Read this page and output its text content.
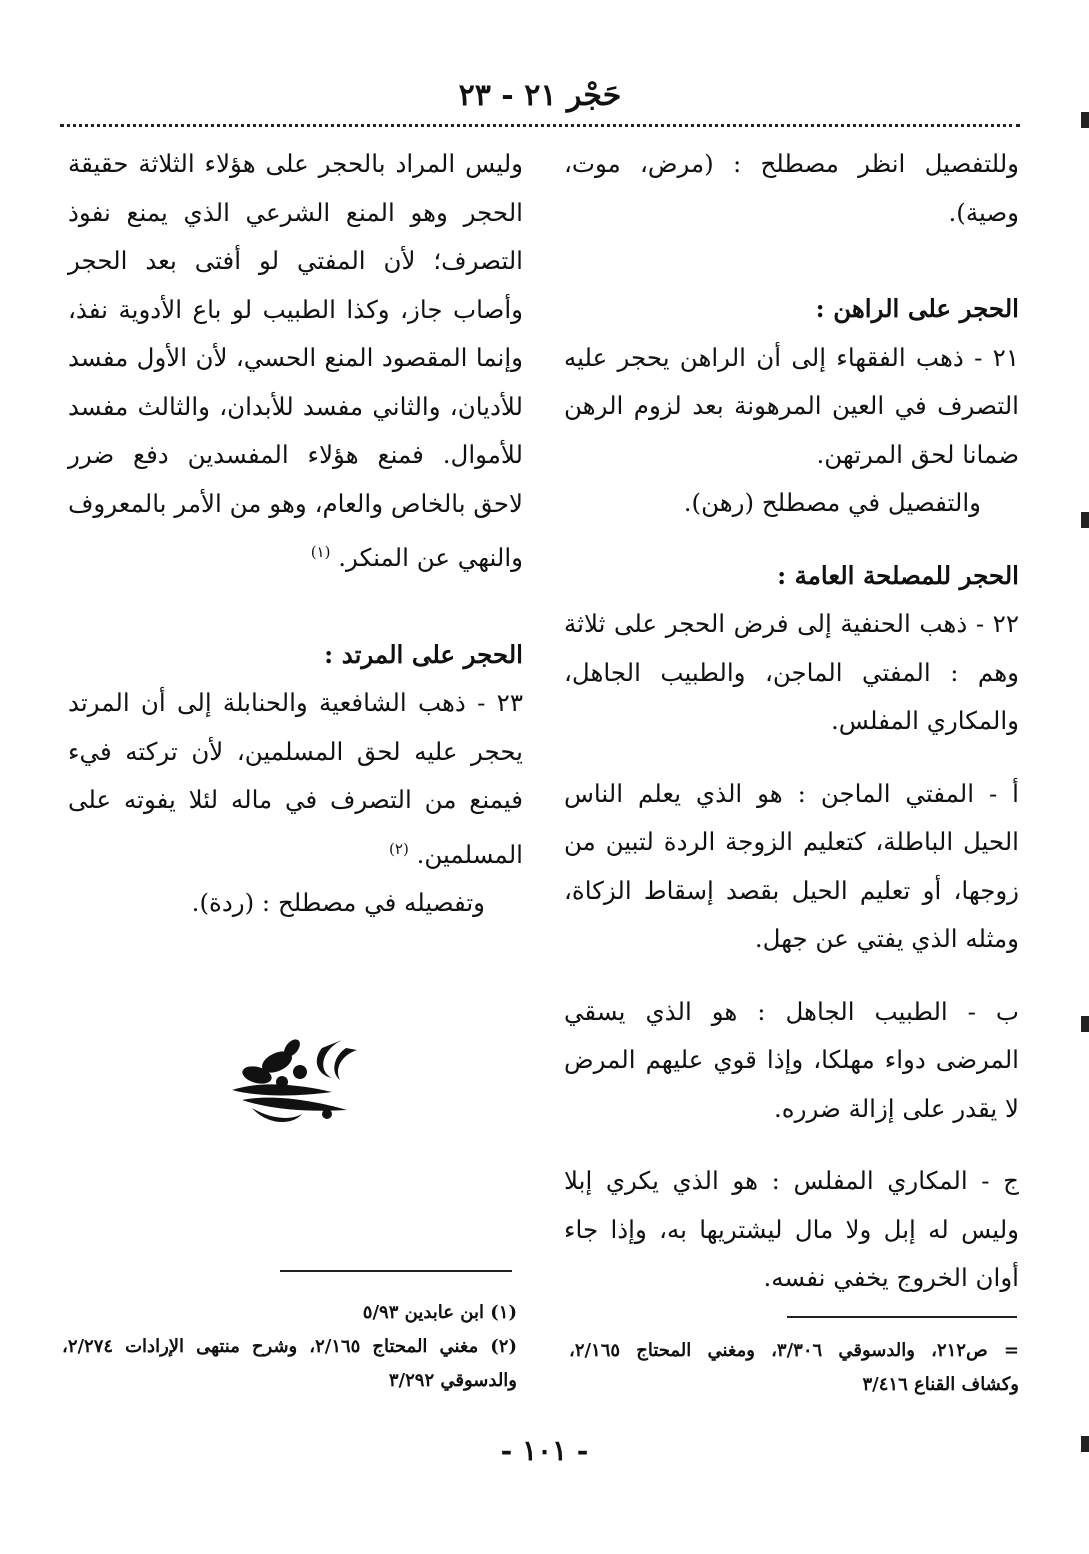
حَجْر ٢١ - ٢٣

وللتفصيل انظر مصطلح : (مرض، موت، وصية).

الحجر على الراهن :

٢١ - ذهب الفقهاء إلى أن الراهن يحجر عليه التصرف في العين المرهونة بعد لزوم الرهن ضمانا لحق المرتهن.

والتفصيل في مصطلح (رهن).

الحجر للمصلحة العامة :

٢٢ - ذهب الحنفية إلى فرض الحجر على ثلاثة وهم : المفتي الماجن، والطبيب الجاهل، والمكاري المفلس.

أ - المفتي الماجن : هو الذي يعلم الناس الحيل الباطلة، كتعليم الزوجة الردة لتبين من زوجها، أو تعليم الحيل بقصد إسقاط الزكاة، ومثله الذي يفتي عن جهل.

ب - الطبيب الجاهل : هو الذي يسقي المرضى دواء مهلكا، وإذا قوي عليهم المرض لا يقدر على إزالة ضرره.

ج - المكاري المفلس : هو الذي يكري إبلا وليس له إبل ولا مال ليشتريها به، وإذا جاء أوان الخروج يخفي نفسه.

وليس المراد بالحجر على هؤلاء الثلاثة حقيقة الحجر وهو المنع الشرعي الذي يمنع نفوذ التصرف؛ لأن المفتي لو أفتى بعد الحجر وأصاب جاز، وكذا الطبيب لو باع الأدوية نفذ، وإنما المقصود المنع الحسي، لأن الأول مفسد للأديان، والثاني مفسد للأبدان، والثالث مفسد للأموال. فمنع هؤلاء المفسدين دفع ضرر لاحق بالخاص والعام، وهو من الأمر بالمعروف والنهي عن المنكر. $^{(١)}$

الحجر على المرتد :

٢٣ - ذهب الشافعية والحنابلة إلى أن المرتد يحجر عليه لحق المسلمين، لأن تركته فيء فيمنع من التصرف في ماله لئلا يفوته على المسلمين. $^{(٢)}$

وتفصيله في مصطلح : (ردة).

= ص٢١٢، والدسوقي ٣/٣٠٦، ومغني المحتاج ٢/١٦٥، وكشاف القناع ٣/٤١٦

(١) ابن عابدين ٥/٩٣

(٢) مغني المحتاج ٢/١٦٥، وشرح منتهى الإرادات ٢/٢٧٤، والدسوقي ٣/٢٩٢

- ١٠١ -
